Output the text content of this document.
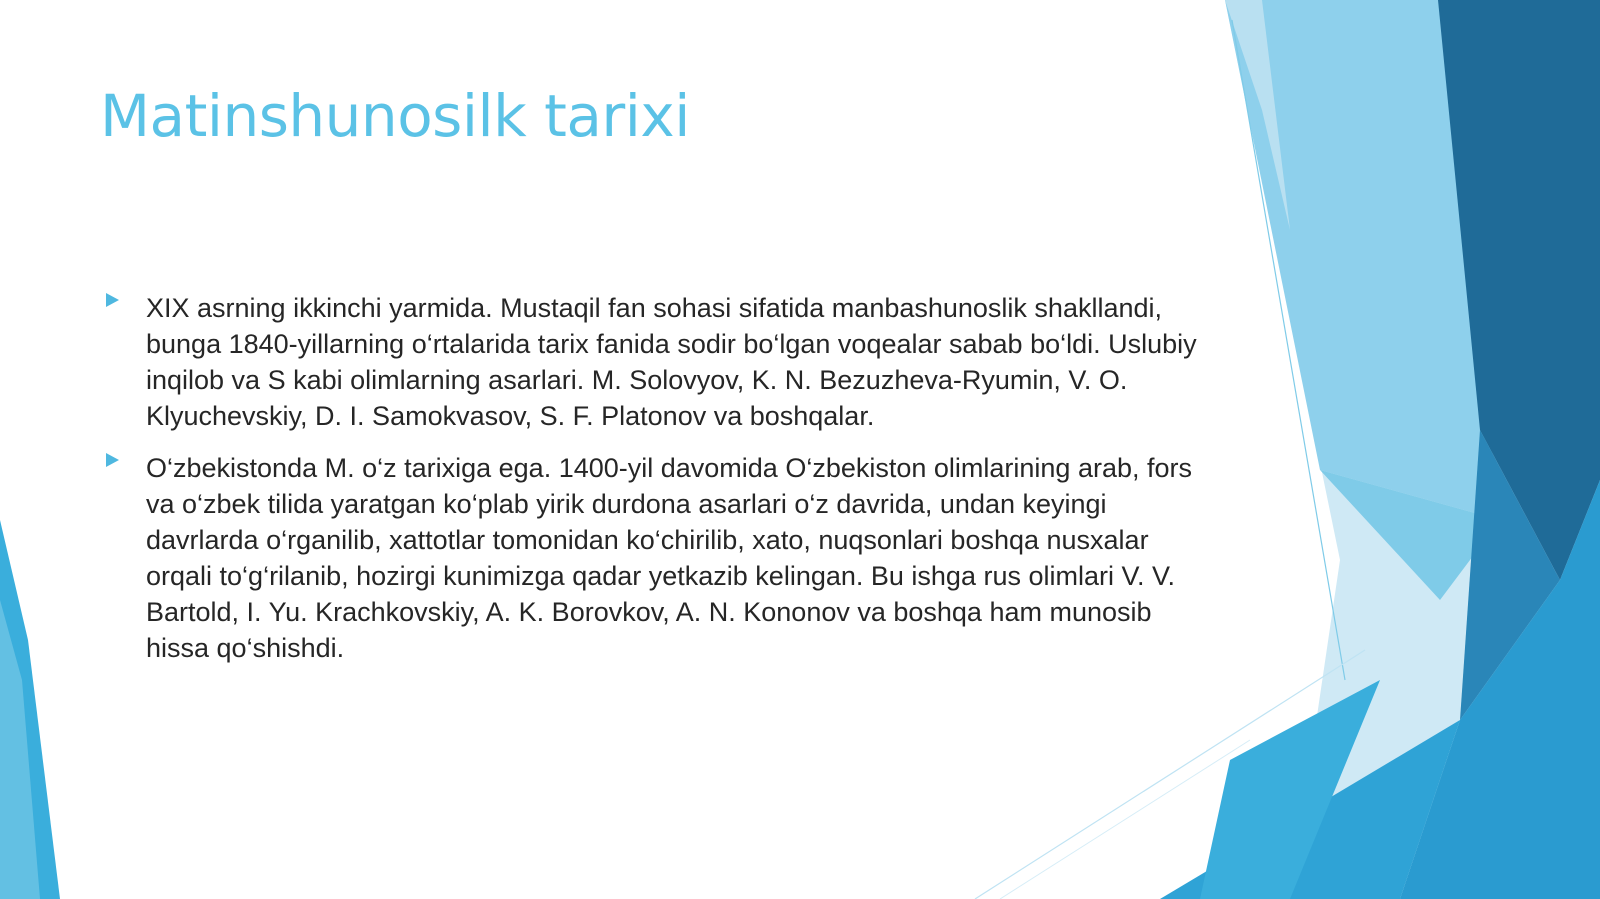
Matinshunosilk tarixi
XIX asrning ikkinchi yarmida. Mustaqil fan sohasi sifatida manbashunoslik shakllandi, bunga 1840-yillarning o‘rtalarida tarix fanida sodir bo‘lgan voqealar sabab bo‘ldi. Uslubiy inqilob va S kabi olimlarning asarlari. M. Solovyov, K. N. Bezuzheva-Ryumin, V. O. Klyuchevskiy, D. I. Samokvasov, S. F. Platonov va boshqalar.
O‘zbekistonda M. o‘z tarixiga ega. 1400-yil davomida O‘zbekiston olimlarining arab, fors va o‘zbek tilida yaratgan ko‘plab yirik durdona asarlari o‘z davrida, undan keyingi davrlarda o‘rganilib, xattotlar tomonidan ko‘chirilib, xato, nuqsonlari boshqa nusxalar orqali to‘g‘rilanib, hozirgi kunimizga qadar yetkazib kelingan. Bu ishga rus olimlari V. V. Bartold, I. Yu. Krachkovskiy, A. K. Borovkov, A. N. Kononov va boshqa ham munosib hissa qo‘shishdi.
